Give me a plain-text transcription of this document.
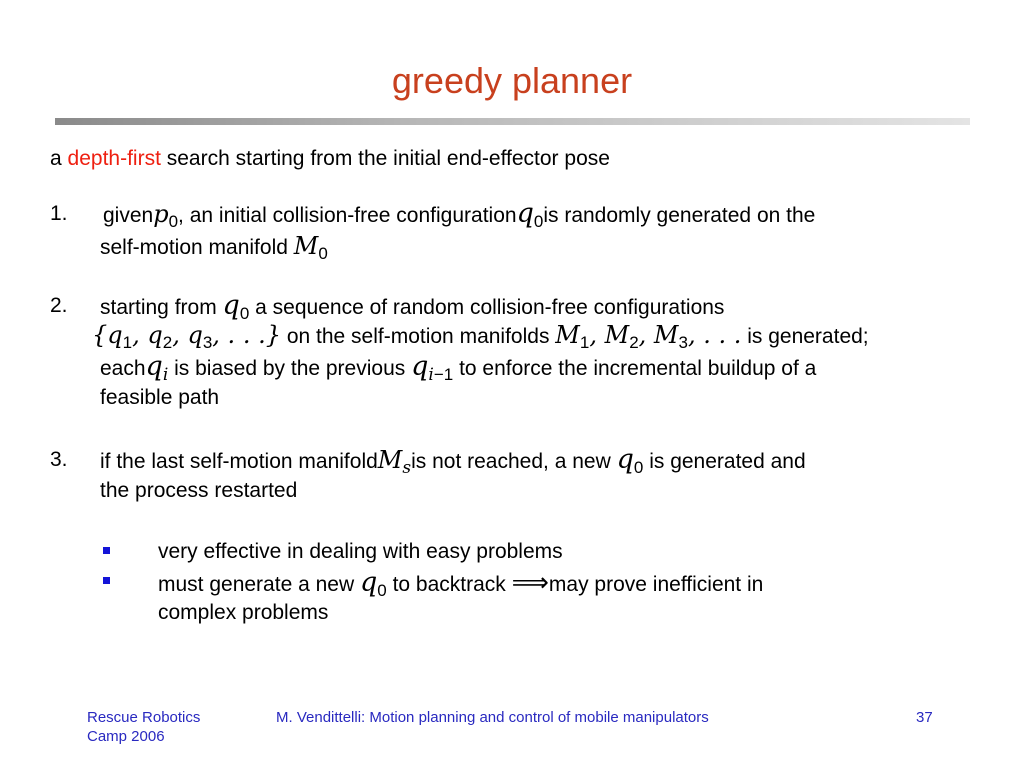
greedy planner
a depth-first search starting from the initial end-effector pose
1. givenp$_0$, an initial collision-free configurationq$_0$is randomly generated on the
self-motion manifold $M_0$
2. starting from $q_0$ a sequence of random collision-free configurations
{$q_1$, $q_2$, $q_3$, . . .} on the self-motion manifolds $M_1$, $M_2$, $M_3$, . . . is generated;
eachq$_i$ is biased by the previous $q_i-1$ to enforce the incremental buildup of a
feasible path
3. if the last self-motion manifoldM$_s$is not reached, a new $q_0$ is generated and
the process restarted
very effective in dealing with easy problems
must generate a new $q_0$ to backtrack ⟹may prove inefficient in
complex problems
Rescue Robotics
Camp 2006
M. Vendittelli: Motion planning and control of mobile manipulators	37
